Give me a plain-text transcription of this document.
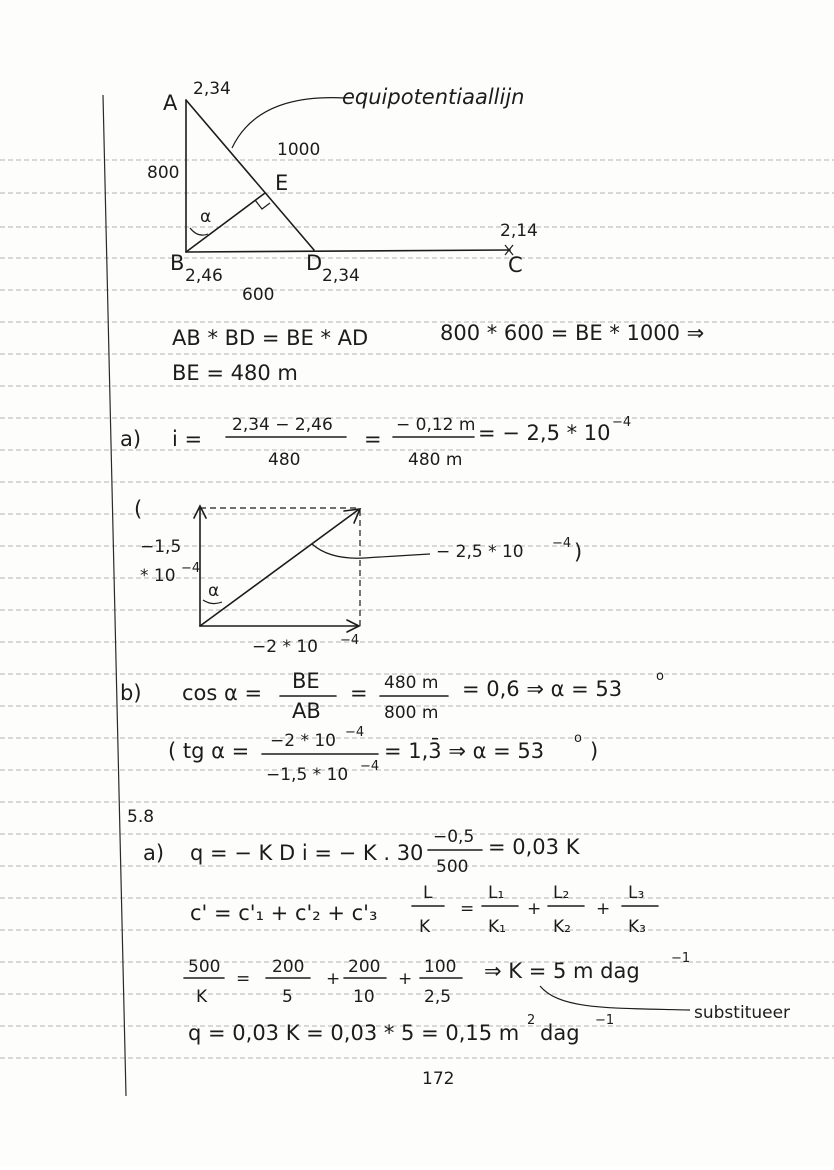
A
2,34
800
1000
E
α
B
2,46
600
D
2,34
2,14
C
equipotentiaallijn
AB * BD = BE * AD	800 * 600 = BE * 1000 ⇒
BE = 480 m
a) i =
2,34 − 2,46
480
=
− 0,12 m
480 m
= − 2,5 * 10 −4
(
−1,5
* 10 −4
α
−2 * 10 −4
− 2,5 * 10 −4 )
b) cos α = BE
AB
= 480 m
800 m
= 0,6 ⇒ α = 53
o
( tg α = −2 * 10 −4
−1,5 * 10 −4
= 1,3̄ ⇒ α = 53
o
)
5.8
a) q = − K D i = − K . 30
−0,5
500
= 0,03 K
c' = c'₁ + c'₂ + c'₃
L
K
=
L₁
K₁
+
L₂
K₂
+
L₃
K₃
500
K
=
200
5
+
200
10
+
100
2,5
⇒ K = 5 m dag
−1
substitueer
q = 0,03 K = 0,03 * 5 = 0,15 m
2
dag
−1
172
